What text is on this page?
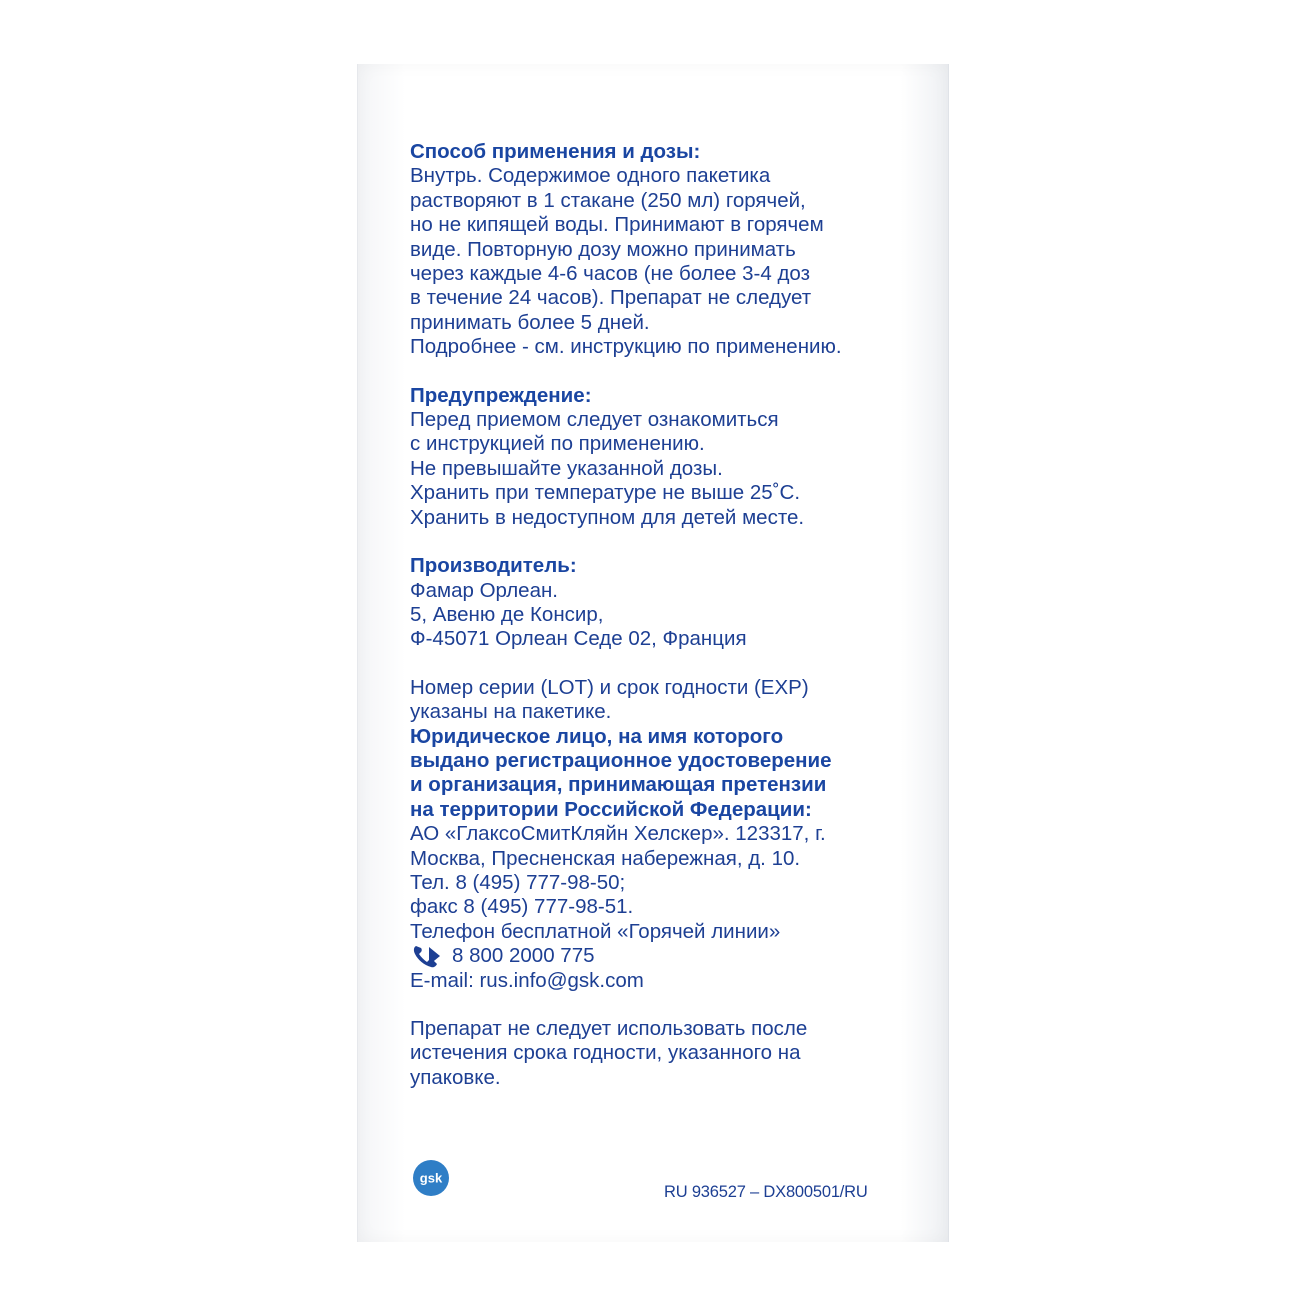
Способ применения и дозы:
Внутрь. Содержимое одного пакетика
растворяют в 1 стакане (250 мл) горячей,
но не кипящей воды. Принимают в горячем
виде. Повторную дозу можно принимать
через каждые 4-6 часов (не более 3-4 доз
в течение 24 часов). Препарат не следует
принимать более 5 дней.
Подробнее - см. инструкцию по применению.
Предупреждение:
Перед приемом следует ознакомиться
с инструкцией по применению.
Не превышайте указанной дозы.
Хранить при температуре не выше 25˚С.
Хранить в недоступном для детей месте.
Производитель:
Фамар Орлеан.
5, Авеню де Консир,
Ф-45071 Орлеан Седе 02, Франция
Номер серии (LOT) и срок годности (EXP)
указаны на пакетике.
Юридическое лицо, на имя которого
выдано регистрационное удостоверение
и организация, принимающая претензии
на территории Российской Федерации:
АО «ГлаксоСмитКляйн Хелскер». 123317, г.
Москва, Пресненская набережная, д. 10.
Тел. 8 (495) 777-98-50;
факс 8 (495) 777-98-51.
Телефон бесплатной «Горячей линии»
8 800 2000 775
E-mail: rus.info@gsk.com
Препарат не следует использовать после
истечения срока годности, указанного на
упаковке.
gsk
RU 936527 – DX800501/RU
